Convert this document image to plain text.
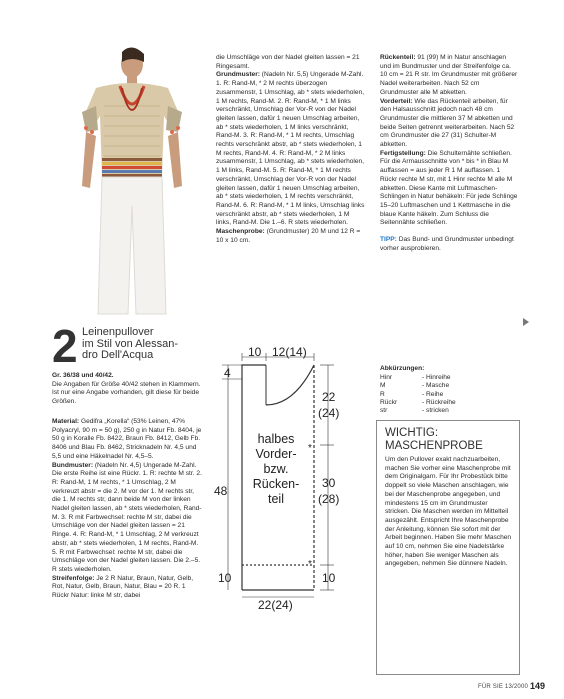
2 Leinenpullover
im Stil von Alessan-
dro Dell'Acqua
Gr. 36/38 und 40/42.
Die Angaben für Größe 40/42 stehen in Klammern. Ist nur eine Angabe vorhanden, gilt diese für beide Größen.

Material: Gedifra „Korella“ (53% Leinen, 47% Polyacryl, 90 m = 50 g), 250 g in Natur Fb. 8404, je 50 g in Koralle Fb. 8422, Braun Fb. 8412, Gelb Fb. 8406 und Blau Fb. 8462, Stricknadeln Nr. 4,5 und 5,5 und eine Häkelnadel Nr. 4,5–5.

Bundmuster: (Nadeln Nr. 4,5) Ungerade M-Zahl. Die erste Reihe ist eine Rückr. 1. R: rechte M str. 2. R: Rand-M, 1 M rechts, * 1 Umschlag, 2 M verkreuzt abstr = die 2. M vor der 1. M rechts str, die 1. M rechts str, dann beide M von der linken Nadel gleiten lassen, ab * stets wiederholen, Rand-M. 3. R mit Farbwechsel: rechte M str, dabei die Umschläge von der Nadel gleiten lassen = 21 Ringe. 4. R: Rand-M, * 1 Umschlag, 2 M verkreuzt abstr, ab * stets wiederholen, 1 M rechts, Rand-M. 5. R mit Farbwechsel: rechte M str, dabei die Umschläge von der Nadel gleiten lassen. Die 2.–5. R stets wiederholen.

Streifenfolge: Je 2 R Natur, Braun, Natur, Gelb, Rot, Natur, Gelb, Braun, Natur, Blau = 20 R. 1 Rückr Natur: linke M str, dabei

die Umschläge von der Nadel gleiten lassen = 21 Ringesamt.

Grundmuster: (Nadeln Nr. 5,5) Ungerade M-Zahl. 1. R: Rand-M, * 2 M rechts überzogen zusammenstr, 1 Umschlag, ab * stets wiederholen, 1 M rechts, Rand-M. 2. R: Rand-M, * 1 M links verschränkt, Umschlag der Vor-R von der Nadel gleiten lassen, dafür 1 neuen Umschlag arbeiten, ab * stets wiederholen, 1 M links verschränkt, Rand-M. 3. R: Rand-M, * 1 M rechts, Umschlag rechts verschränkt abstr, ab * stets wiederholen, 1 M rechts, Rand-M. 4. R: Rand-M, * 2 M links zusammenstr, 1 Umschlag, ab * stets wiederholen, 1 M links, Rand-M. 5. R: Rand-M, * 1 M rechts verschränkt, Umschlag der Vor-R von der Nadel gleiten lassen, dafür 1 neuen Umschlag arbeiten, ab * stets wiederholen, 1 M rechts verschränkt, Rand-M. 6. R: Rand-M, * 1 M links, Umschlag links verschränkt abstr, ab * stets wiederholen, 1 M links, Rand-M. Die 1.–6. R stets wiederholen.

Maschenprobe: (Grundmuster) 20 M und 12 R = 10 x 10 cm.

Rückenteil: 91 (99) M in Natur anschlagen und im Bundmuster und der Streifenfolge ca. 10 cm = 21 R str. Im Grundmuster mit größerer Nadel weiterarbeiten. Nach 52 cm Grundmuster alle M abketten.

Vorderteil: Wie das Rückenteil arbeiten, für den Halsausschnitt jedoch nach 48 cm Grundmuster die mittleren 37 M abketten und beide Seiten getrennt weiterarbeiten. Nach 52 cm Grundmuster die 27 (31) Schulter-M abketten.

Fertigstellung: Die Schulternähte schließen. Für die Armausschnitte von * bis * in Blau M auffassen = aus jeder R 1 M auffassen. 1 Rückr rechte M str, mit 1 Hinr rechte M alle M abketten. Diese Kante mit Luftmaschen-Schlingen in Natur behäkeln: Für jede Schlinge 15–20 Luftmaschen und 1 Kettmasche in die blaue Kante häkeln. Zum Schluss die Seitennähte schließen.

TIPP: Das Bund- und Grundmuster unbedingt vorher ausprobieren.

10 12(14)
4
22
(24)
30
(28)
48
10	10
22(24)
*
*
halbes
Vorder-
bzw.
Rücken-
teil
Abkürzungen:
Hinr	- Hinreihe
M	- Masche
R	- Reihe
Rückr	- Rückreihe
str	- stricken
WICHTIG:
MASCHENPROBE
Um den Pullover exakt nachzuarbeiten, machen Sie vorher eine Maschenprobe mit dem Originalgarn. Für Ihr Probestück bitte doppelt so viele Maschen anschlagen, wie bei der Maschenprobe angegeben, und mindestens 15 cm im Grundmuster stricken. Die Maschen werden im Mittelteil ausgezählt. Entspricht Ihre Maschenprobe der Anleitung, können Sie sofort mit der Arbeit beginnen. Haben Sie mehr Maschen auf 10 cm, nehmen Sie eine Nadelstärke höher, haben Sie weniger Maschen als angegeben, nehmen Sie dünnere Nadeln.
FÜR SIE 13/2000 149
